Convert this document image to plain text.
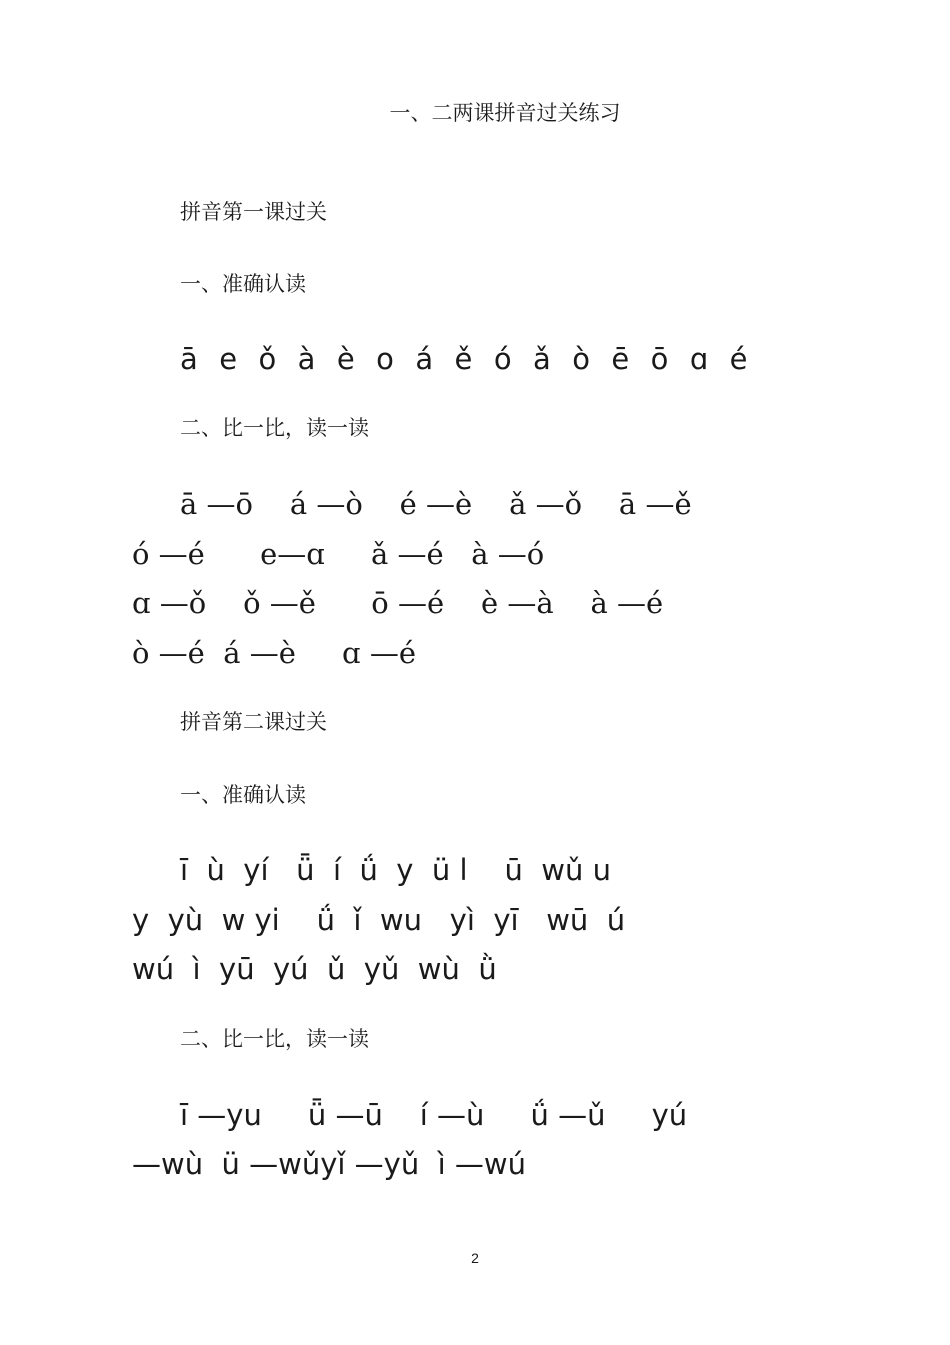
一、二两课拼音过关练习
拼音第一课过关
一、准确认读
ā  e  ǒ  à  è  o  á  ě  ó  ǎ  ò  ē  ō  ɑ  é
二、比一比，读一读
ā —ō    á —ò    é —è    ǎ —ǒ    ā —ě
ó —é      e—ɑ     ǎ —é   à —ó
ɑ —ǒ    ǒ —ě      ō —é    è —à    à —é
ò —é  á —è     ɑ —é
拼音第二课过关
一、准确认读
ī  ù  yí   ǖ  í  ǘ  y  ü l    ū  wǔ u
y  yù  w yi    ǘ  ǐ  wu   yì  yī   wū  ú
wú  ì  yū  yú  ǔ  yǔ  wù  ǜ
二、比一比，读一读
ī —yu     ǖ —ū    í —ù     ǘ —ǔ     yú
—wù  ü —wǔyǐ —yǔ  ì —wú
2
